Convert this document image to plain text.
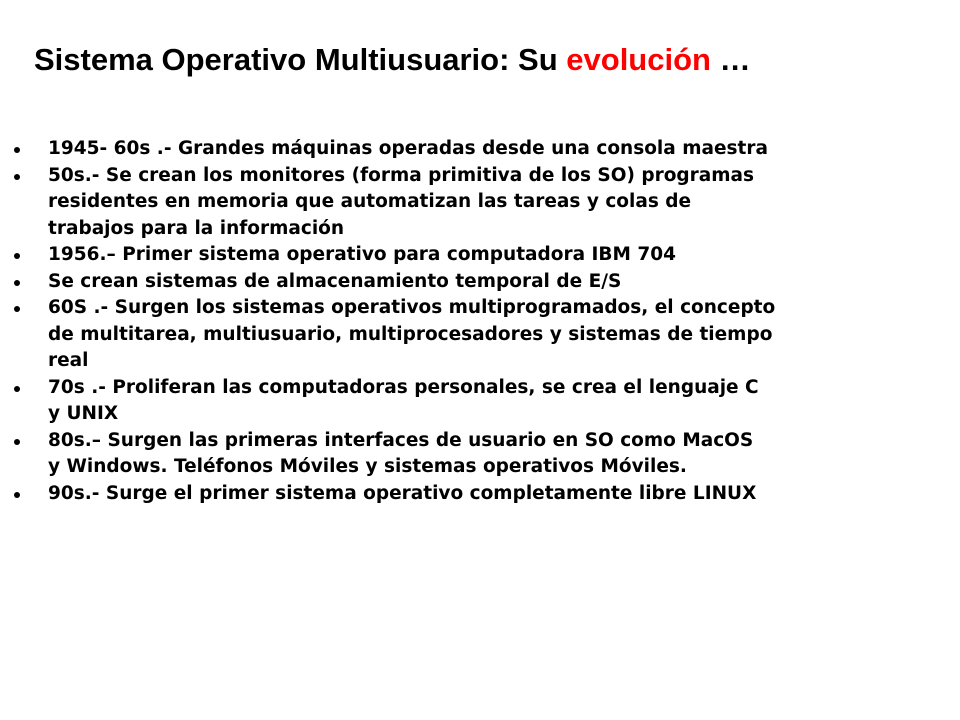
Sistema Operativo Multiusuario: Su evolución …
1945- 60s .- Grandes máquinas operadas desde una consola maestra
50s.- Se crean los monitores (forma primitiva de los SO) programas
residentes en memoria que automatizan las tareas y colas de
trabajos para la información
1956.– Primer sistema operativo para computadora IBM 704
Se crean sistemas de almacenamiento temporal de E/S
60S .- Surgen los sistemas operativos multiprogramados, el concepto
de multitarea, multiusuario, multiprocesadores y sistemas de tiempo
real
70s .- Proliferan las computadoras personales, se crea el lenguaje C
y UNIX
80s.– Surgen las primeras interfaces de usuario en SO como MacOS
y Windows. Teléfonos Móviles y sistemas operativos Móviles.
90s.- Surge el primer sistema operativo completamente libre LINUX
